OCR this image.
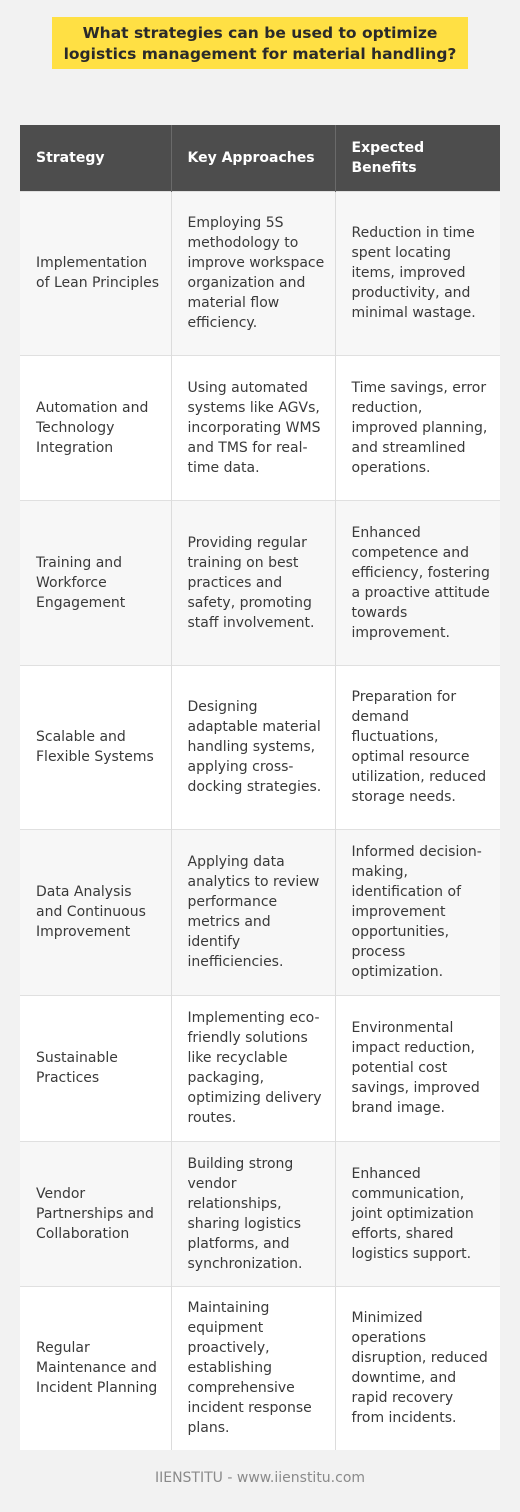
What strategies can be used to optimize logistics management for material handling?
Strategy	Key Approaches	Expected Benefits
Implementation of Lean Principles	Employing 5S methodology to improve workspace organization and material flow efficiency.	Reduction in time spent locating items, improved productivity, and minimal wastage.
Automation and Technology Integration	Using automated systems like AGVs, incorporating WMS and TMS for real-time data.	Time savings, error reduction, improved planning, and streamlined operations.
Training and Workforce Engagement	Providing regular training on best practices and safety, promoting staff involvement.	Enhanced competence and efficiency, fostering a proactive attitude towards improvement.
Scalable and Flexible Systems	Designing adaptable material handling systems, applying cross-docking strategies.	Preparation for demand fluctuations, optimal resource utilization, reduced storage needs.
Data Analysis and Continuous Improvement	Applying data analytics to review performance metrics and identify inefficiencies.	Informed decision-making, identification of improvement opportunities, process optimization.
Sustainable Practices	Implementing eco-friendly solutions like recyclable packaging, optimizing delivery routes.	Environmental impact reduction, potential cost savings, improved brand image.
Vendor Partnerships and Collaboration	Building strong vendor relationships, sharing logistics platforms, and synchronization.	Enhanced communication, joint optimization efforts, shared logistics support.
Regular Maintenance and Incident Planning	Maintaining equipment proactively, establishing comprehensive incident response plans.	Minimized operations disruption, reduced downtime, and rapid recovery from incidents.
IIENSTITU - www.iienstitu.com
